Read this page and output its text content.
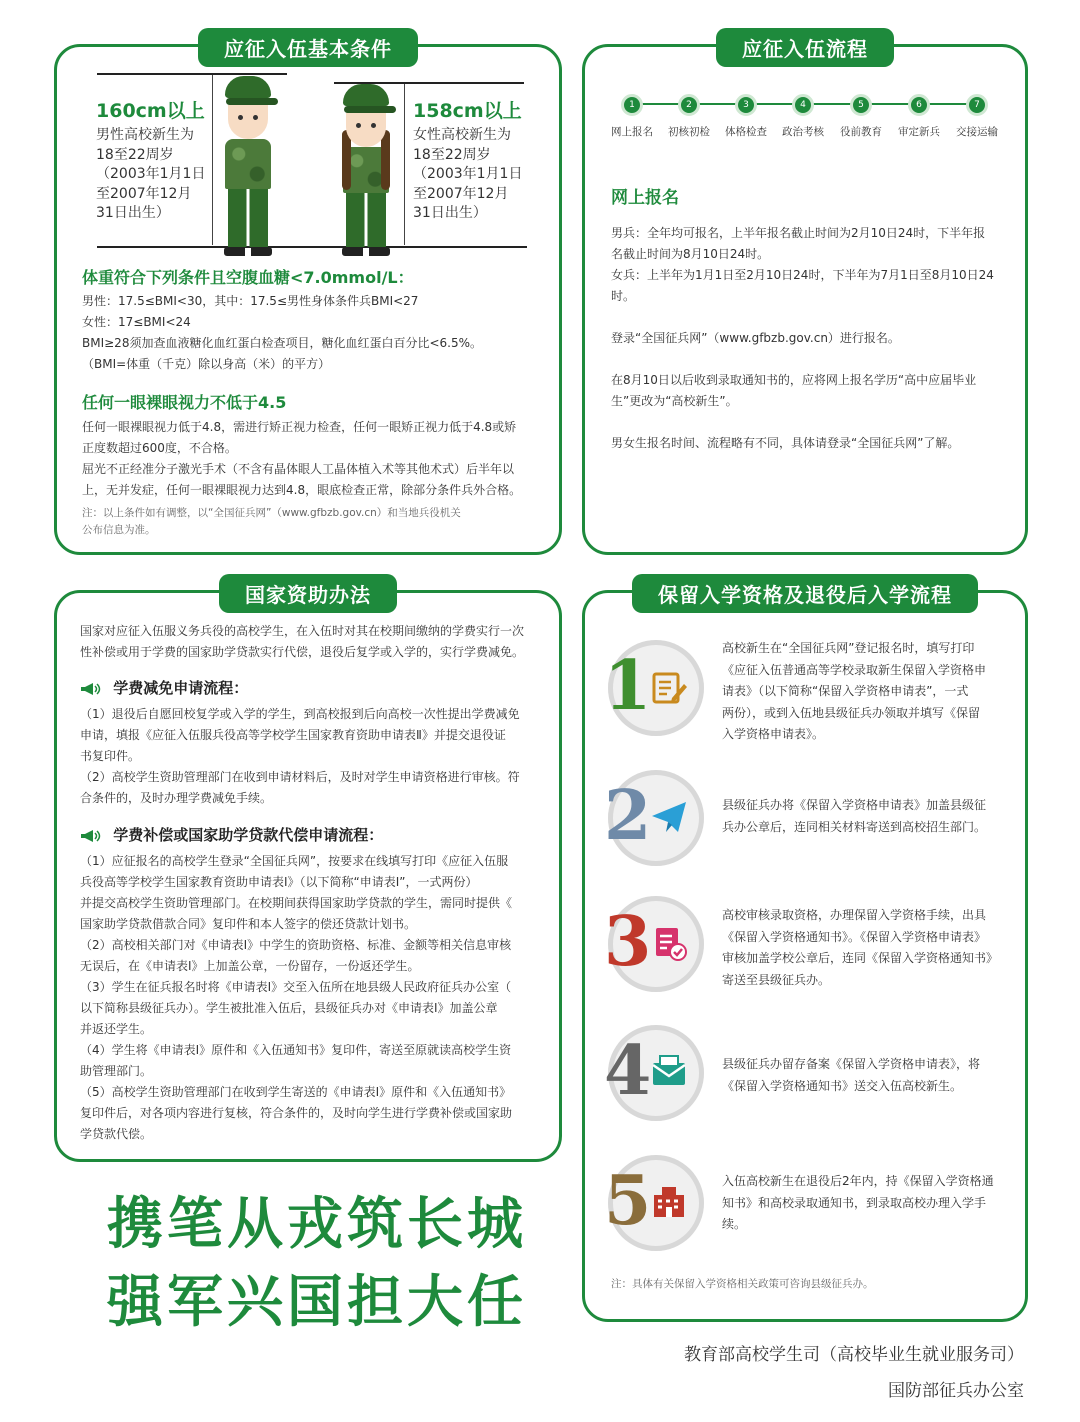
应征入伍基本条件
160cm以上
男性高校新生为
18至22周岁
（2003年1月1日
至2007年12月
31日出生）
158cm以上
女性高校新生为
18至22周岁
（2003年1月1日
至2007年12月
31日出生）
体重符合下列条件且空腹血糖<7.0mmol/L：
男性：17.5≤BMI<30，其中：17.5≤男性身体条件兵BMI<27
女性：17≤BMI<24
BMI≥28须加查血液糖化血红蛋白检查项目，糖化血红蛋白百分比<6.5%。
（BMI=体重（千克）除以身高（米）的平方）
任何一眼裸眼视力不低于4.5
任何一眼裸眼视力低于4.8，需进行矫正视力检查，任何一眼矫正视力低于4.8或矫
正度数超过600度，不合格。
屈光不正经准分子激光手术（不含有晶体眼人工晶体植入术等其他术式）后半年以
上，无并发症，任何一眼裸眼视力达到4.8，眼底检查正常，除部分条件兵外合格。
注：以上条件如有调整，以“全国征兵网”（www.gfbzb.gov.cn）和当地兵役机关
公布信息为准。
应征入伍流程
1	2	3	4	5	6	7
网上报名	初核初检	体格检查	政治考核	役前教育	审定新兵	交接运输
网上报名
男兵：全年均可报名，上半年报名截止时间为2月10日24时，下半年报
名截止时间为8月10日24时。
女兵：上半年为1月1日至2月10日24时，下半年为7月1日至8月10日24
时。
登录“全国征兵网”（www.gfbzb.gov.cn）进行报名。
在8月10日以后收到录取通知书的，应将网上报名学历“高中应届毕业
生”更改为“高校新生”。
男女生报名时间、流程略有不同，具体请登录“全国征兵网”了解。
国家资助办法
国家对应征入伍服义务兵役的高校学生，在入伍时对其在校期间缴纳的学费实行一次
性补偿或用于学费的国家助学贷款实行代偿，退役后复学或入学的，实行学费减免。
学费减免申请流程：
（1）退役后自愿回校复学或入学的学生，到高校报到后向高校一次性提出学费减免
申请，填报《应征入伍服兵役高等学校学生国家教育资助申请表Ⅱ》并提交退役证
书复印件。
（2）高校学生资助管理部门在收到申请材料后，及时对学生申请资格进行审核。符
合条件的，及时办理学费减免手续。
学费补偿或国家助学贷款代偿申请流程：
（1）应征报名的高校学生登录“全国征兵网”，按要求在线填写打印《应征入伍服
兵役高等学校学生国家教育资助申请表Ⅰ》（以下简称“申请表Ⅰ”，一式两份）
并提交高校学生资助管理部门。在校期间获得国家助学贷款的学生，需同时提供《
国家助学贷款借款合同》复印件和本人签字的偿还贷款计划书。
（2）高校相关部门对《申请表Ⅰ》中学生的资助资格、标准、金额等相关信息审核
无误后，在《申请表Ⅰ》上加盖公章，一份留存，一份返还学生。
（3）学生在征兵报名时将《申请表Ⅰ》交至入伍所在地县级人民政府征兵办公室（
以下简称县级征兵办）。学生被批准入伍后，县级征兵办对《申请表Ⅰ》加盖公章
并返还学生。
（4）学生将《申请表Ⅰ》原件和《入伍通知书》复印件，寄送至原就读高校学生资
助管理部门。
（5）高校学生资助管理部门在收到学生寄送的《申请表Ⅰ》原件和《入伍通知书》
复印件后，对各项内容进行复核，符合条件的，及时向学生进行学费补偿或国家助
学贷款代偿。
保留入学资格及退役后入学流程
1	高校新生在“全国征兵网”登记报名时，填写打印
《应征入伍普通高等学校录取新生保留入学资格申
请表》（以下简称“保留入学资格申请表”，一式
两份），或到入伍地县级征兵办领取并填写《保留
入学资格申请表》。
2	县级征兵办将《保留入学资格申请表》加盖县级征
兵办公章后，连同相关材料寄送到高校招生部门。
3	高校审核录取资格，办理保留入学资格手续，出具
《保留入学资格通知书》。《保留入学资格申请表》
审核加盖学校公章后，连同《保留入学资格通知书》
寄送至县级征兵办。
4	县级征兵办留存备案《保留入学资格申请表》，将
《保留入学资格通知书》送交入伍高校新生。
5	入伍高校新生在退役后2年内，持《保留入学资格通
知书》和高校录取通知书，到录取高校办理入学手
续。
注：具体有关保留入学资格相关政策可咨询县级征兵办。
携笔从戎筑长城
强军兴国担大任
教育部高校学生司（高校毕业生就业服务司）
国防部征兵办公室
